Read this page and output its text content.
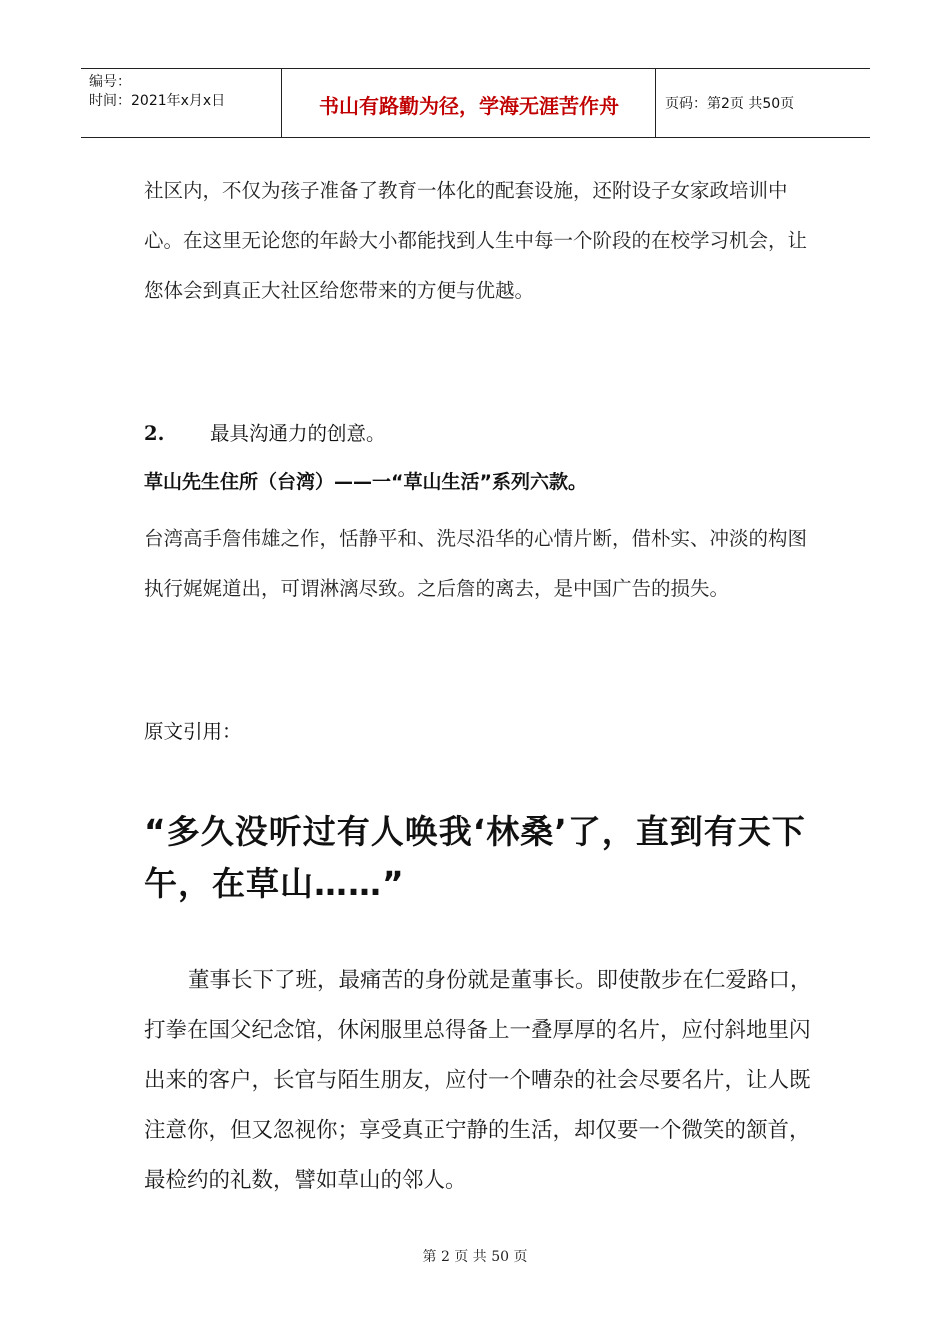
编号：
时间：2021年x月x日	书山有路勤为径，学海无涯苦作舟	页码：第2页 共50页
社区内，不仅为孩子准备了教育一体化的配套设施，还附设子女家政培训中心。在这里无论您的年龄大小都能找到人生中每一个阶段的在校学习机会，让您体会到真正大社区给您带来的方便与优越。
2. 最具沟通力的创意。
草山先生住所（台湾）——一“草山生活”系列六款。
台湾高手詹伟雄之作，恬静平和、洗尽沿华的心情片断，借朴实、冲淡的构图执行娓娓道出，可谓淋漓尽致。之后詹的离去，是中国广告的损失。
原文引用：
“多久没听过有人唤我‘林桑’了，直到有天下午，在草山……”
董事长下了班，最痛苦的身份就是董事长。即使散步在仁爱路口，打拳在国父纪念馆，休闲服里总得备上一叠厚厚的名片，应付斜地里闪出来的客户，长官与陌生朋友，应付一个嘈杂的社会尽要名片，让人既注意你，但又忽视你；享受真正宁静的生活，却仅要一个微笑的颔首，最检约的礼数，譬如草山的邻人。
第 2 页 共 50 页
